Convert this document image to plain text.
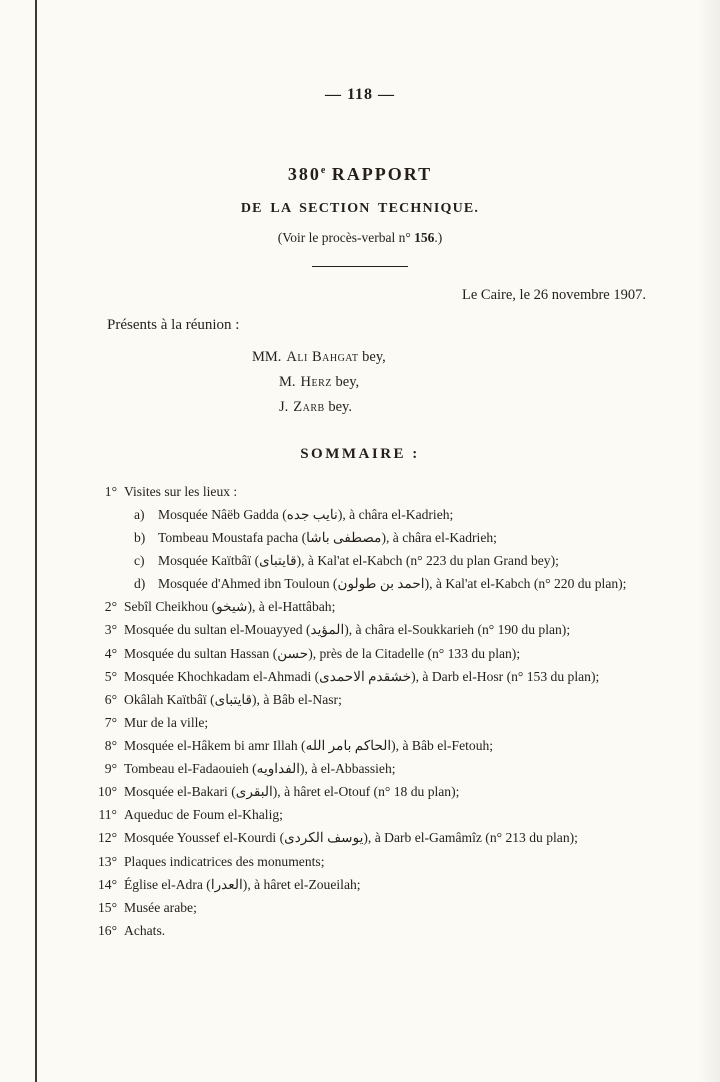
— 118 —
380e RAPPORT
DE LA SECTION TECHNIQUE.
(Voir le procès-verbal n° 156.)
Le Caire, le 26 novembre 1907.
Présents à la réunion :
MM. Ali Bahgat bey,
M. Herz bey,
J. Zarb bey.
SOMMAIRE :
1° Visites sur les lieux :
a) Mosquée Nâëb Gadda (نايب جده), à châra el-Kadrieh;
b) Tombeau Moustafa pacha (مصطفى باشا), à châra el-Kadrieh;
c) Mosquée Kaïtbâï (قايتباى), à Kal'at el-Kabch (n° 223 du plan Grand bey);
d) Mosquée d'Ahmed ibn Touloun (احمد بن طولون), à Kal'at el-Kabch (n° 220 du plan);
2° Sebîl Cheikhou (شيخو), à el-Hattâbah;
3° Mosquée du sultan el-Mouayyed (المؤيد), à châra el-Soukkarieh (n° 190 du plan);
4° Mosquée du sultan Hassan (حسن), près de la Citadelle (n° 133 du plan);
5° Mosquée Khochkadam el-Ahmadi (خشقدم الاحمدى), à Darb el-Hosr (n° 153 du plan);
6° Okâlah Kaïtbâï (قايتباى), à Bâb el-Nasr;
7° Mur de la ville;
8° Mosquée el-Hâkem bi amr Illah (الحاكم بامر الله), à Bâb el-Fetouh;
9° Tombeau el-Fadaouieh (الفداويه), à el-Abbassieh;
10° Mosquée el-Bakari (البقرى), à hâret el-Otouf (n° 18 du plan);
11° Aqueduc de Foum el-Khalig;
12° Mosquée Youssef el-Kourdi (يوسف الكردى), à Darb el-Gamâmîz (n° 213 du plan);
13° Plaques indicatrices des monuments;
14° Église el-Adra (العدرا), à hâret el-Zoueilah;
15° Musée arabe;
16° Achats.
